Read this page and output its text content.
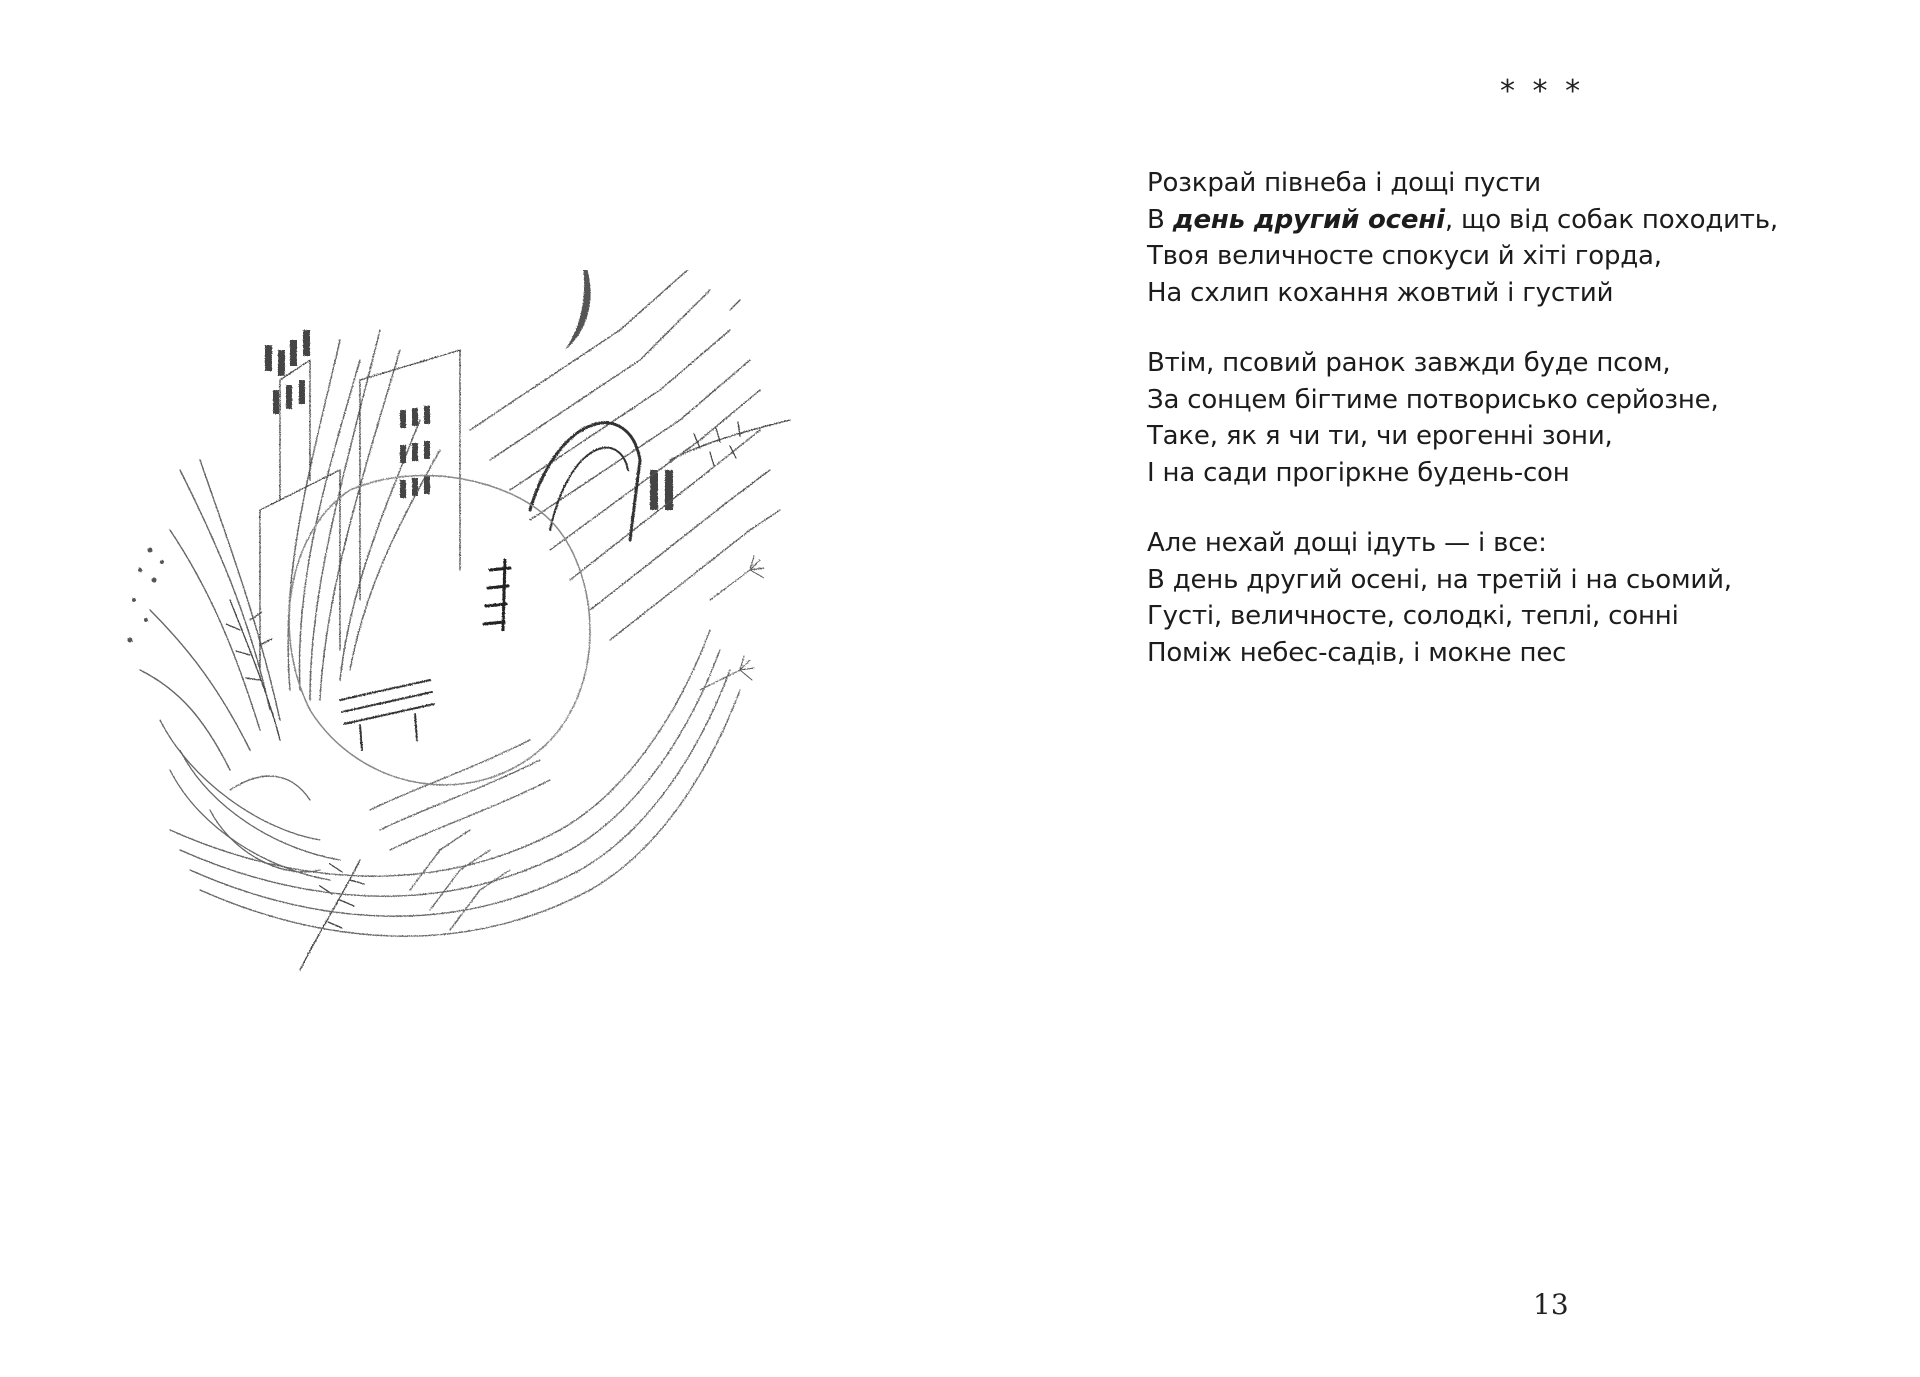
* * *
Розкрай півнеба і дощі пусти
В день другий осені, що від собак походить,
Твоя величносте спокуси й хіті горда,
На схлип кохання жовтий і густий
Втім, псовий ранок завжди буде псом,
За сонцем бігтиме потворисько серйозне,
Таке, як я чи ти, чи ерогенні зони,
І на сади прогіркне будень-сон
Але нехай дощі ідуть — і все:
В день другий осені, на третій і на сьомий,
Густі, величносте, солодкі, теплі, сонні
Поміж небес-садів, і мокне пес
13
